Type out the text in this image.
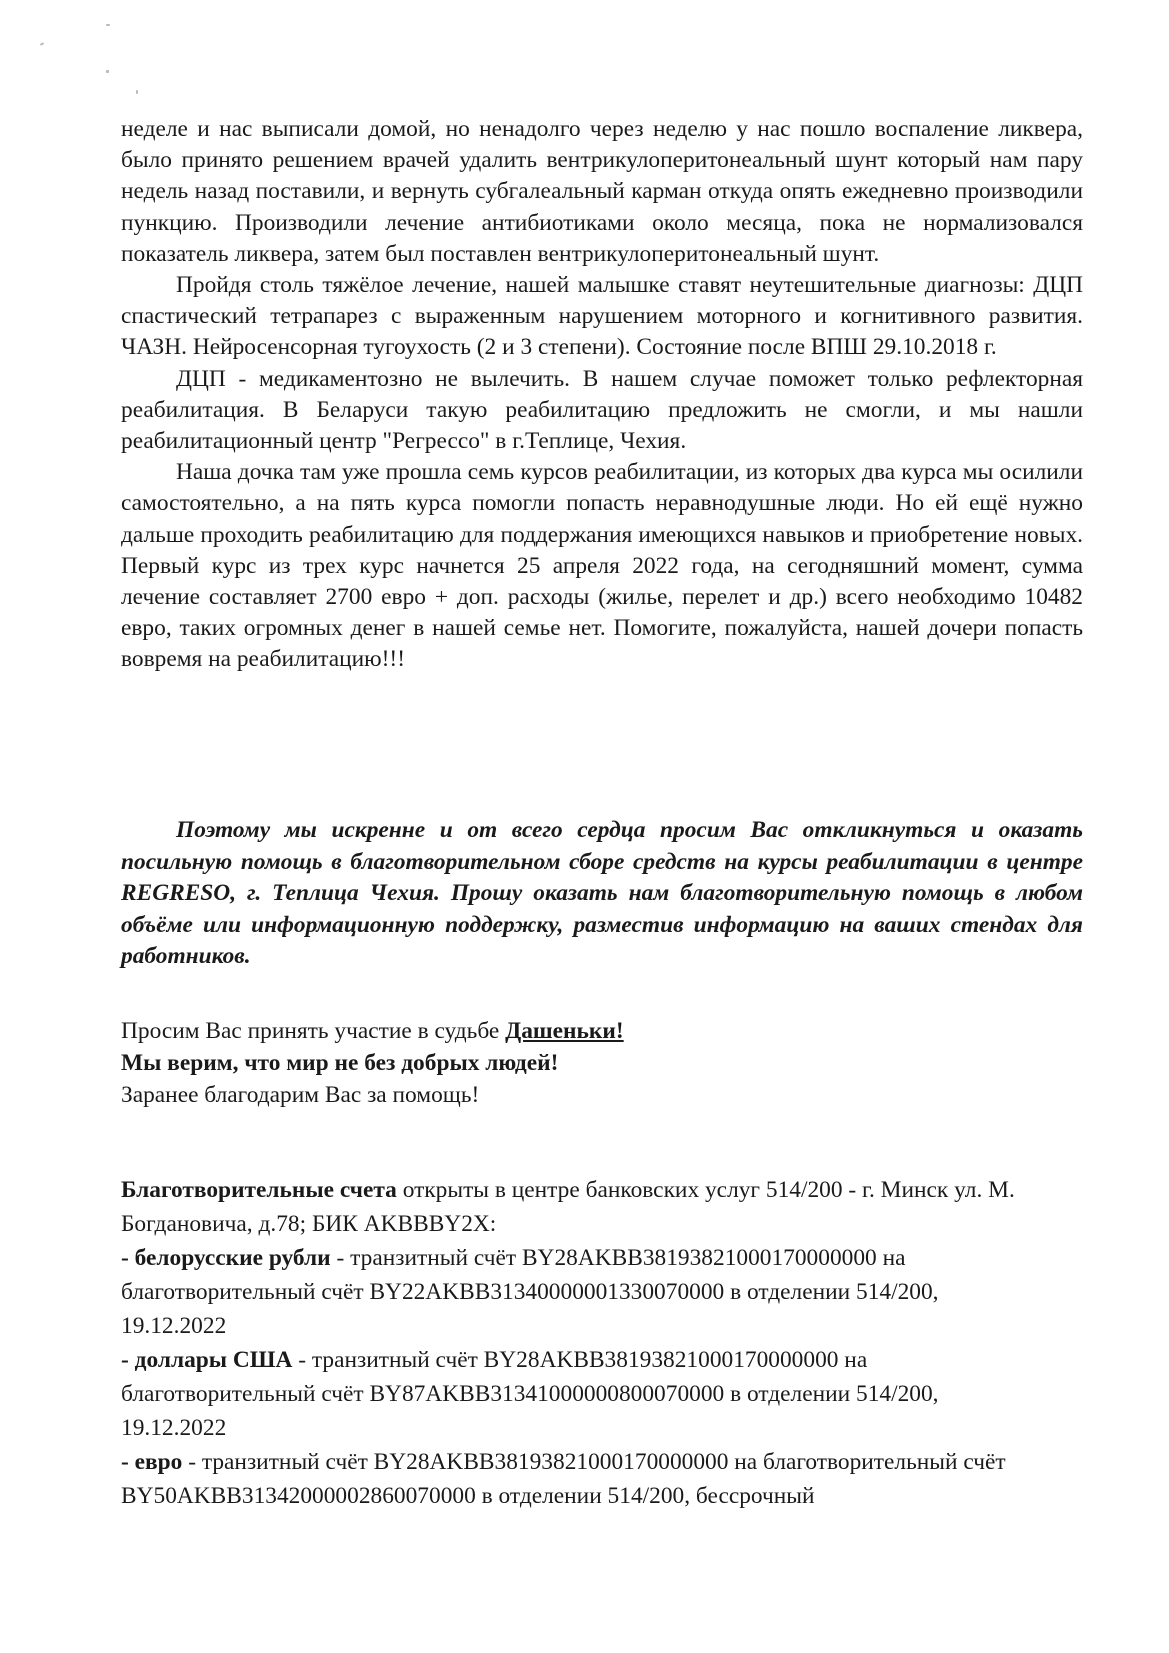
неделе и нас выписали домой, но ненадолго через неделю у нас пошло воспаление ликвера, было принято решением врачей удалить вентрикулоперитонеальный шунт который нам пару недель назад поставили, и вернуть субгалеальный карман откуда опять ежедневно производили пункцию. Производили лечение антибиотиками около месяца, пока не нормализовался показатель ликвера, затем был поставлен вентрикулоперитонеальный шунт.

Пройдя столь тяжёлое лечение, нашей малышке ставят неутешительные диагнозы: ДЦП спастический тетрапарез с выраженным нарушением моторного и когнитивного развития. ЧАЗН. Нейросенсорная тугоухость (2 и 3 степени). Состояние после ВПШ 29.10.2018 г.

ДЦП - медикаментозно не вылечить. В нашем случае поможет только рефлекторная реабилитация. В Беларуси такую реабилитацию предложить не смогли, и мы нашли реабилитационный центр "Регрессо" в г.Теплице, Чехия.

Наша дочка там уже прошла семь курсов реабилитации, из которых два курса мы осилили самостоятельно, а на пять курса помогли попасть неравнодушные люди. Но ей ещё нужно дальше проходить реабилитацию для поддержания имеющихся навыков и приобретение новых. Первый курс из трех курс начнется 25 апреля 2022 года, на сегодняшний момент, сумма лечение составляет 2700 евро + доп. расходы (жилье, перелет и др.) всего необходимо 10482 евро, таких огромных денег в нашей семье нет. Помогите, пожалуйста, нашей дочери попасть вовремя на реабилитацию!!!

Поэтому мы искренне и от всего сердца просим Вас откликнуться и оказать посильную помощь в благотворительном сборе средств на курсы реабилитации в центре REGRESO, г. Теплица Чехия. Прошу оказать нам благотворительную помощь в любом объёме или информационную поддержку, разместив информацию на ваших стендах для работников.

Просим Вас принять участие в судьбе Дашеньки!
Мы верим, что мир не без добрых людей!
Заранее благодарим Вас за помощь!
Благотворительные счета открыты в центре банковских услуг 514/200 - г. Минск ул. М.
Богдановича, д.78; БИК AKBBBY2X:
- белорусские рубли - транзитный счёт BY28AKBB38193821000170000000 на
благотворительный счёт BY22AKBB31340000001330070000 в отделении 514/200,
19.12.2022
- доллары США - транзитный счёт BY28AKBB38193821000170000000 на
благотворительный счёт BY87AKBB31341000000800070000 в отделении 514/200,
19.12.2022
- евро - транзитный счёт BY28AKBB38193821000170000000 на благотворительный счёт
BY50AKBB31342000002860070000 в отделении 514/200, бессрочный
